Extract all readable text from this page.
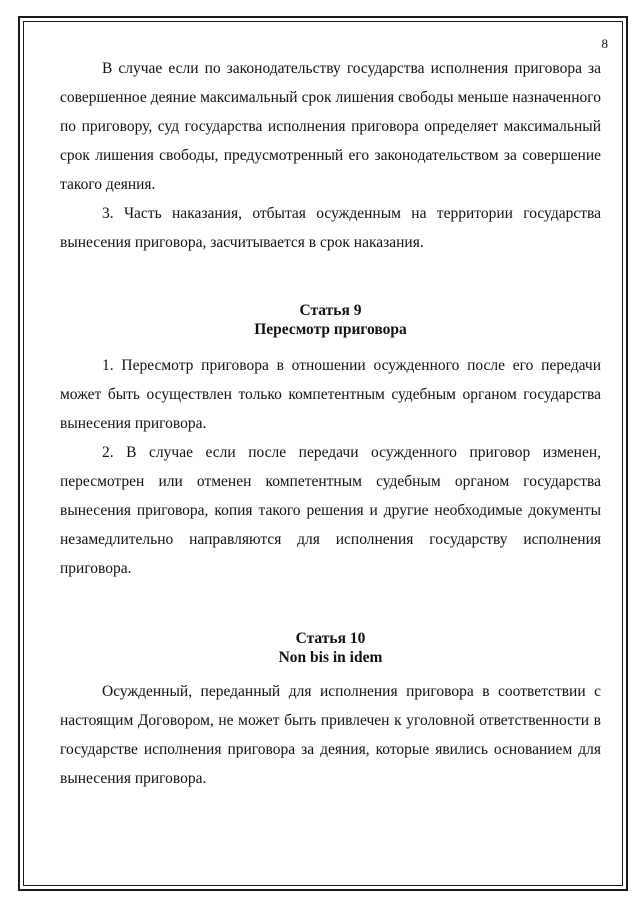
8

В случае если по законодательству государства исполнения приговора за совершенное деяние максимальный срок лишения свободы меньше назначенного по приговору, суд государства исполнения приговора определяет максимальный срок лишения свободы, предусмотренный его законодательством за совершение такого деяния.

3. Часть наказания, отбытая осужденным на территории государства вынесения приговора, засчитывается в срок наказания.

Статья 9
Пересмотр приговора

1. Пересмотр приговора в отношении осужденного после его передачи может быть осуществлен только компетентным судебным органом государства вынесения приговора.

2. В случае если после передачи осужденного приговор изменен, пересмотрен или отменен компетентным судебным органом государства вынесения приговора, копия такого решения и другие необходимые документы незамедлительно направляются для исполнения государству исполнения приговора.

Статья 10
Non bis in idem

Осужденный, переданный для исполнения приговора в соответствии с настоящим Договором, не может быть привлечен к уголовной ответственности в государстве исполнения приговора за деяния, которые явились основанием для вынесения приговора.
